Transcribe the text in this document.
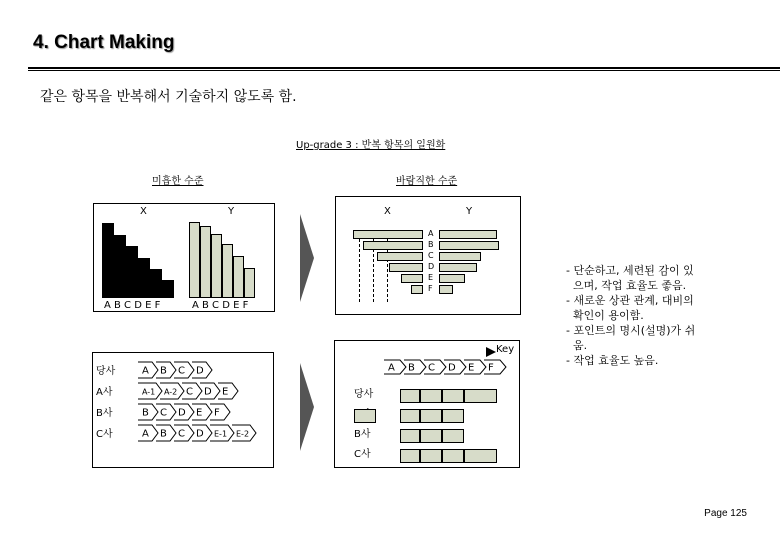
4. Chart Making
같은 항목을 반복해서 기술하지 않도록 함.
Up-grade 3 : 반복 항목의 일원화
미흡한 수준	바람직한 수준
X	Y
A B C D E F	A B C D E F
X	Y
A
B
C
D
E
F
- 단순하고, 세련된 감이 있
으며, 작업 효율도 좋음.
- 새로운 상관 관계, 대비의
확인이 용이함.
- 포인트의 명시(설명)가 쉬
움.
- 작업 효율도 높음.
당사	A B C D
A사	A-1 A-2 C D E
B사	B C D E F
C사	A B C D E-1 E-2
Key
A B C D E F
당사
B사
C사
Page 125
